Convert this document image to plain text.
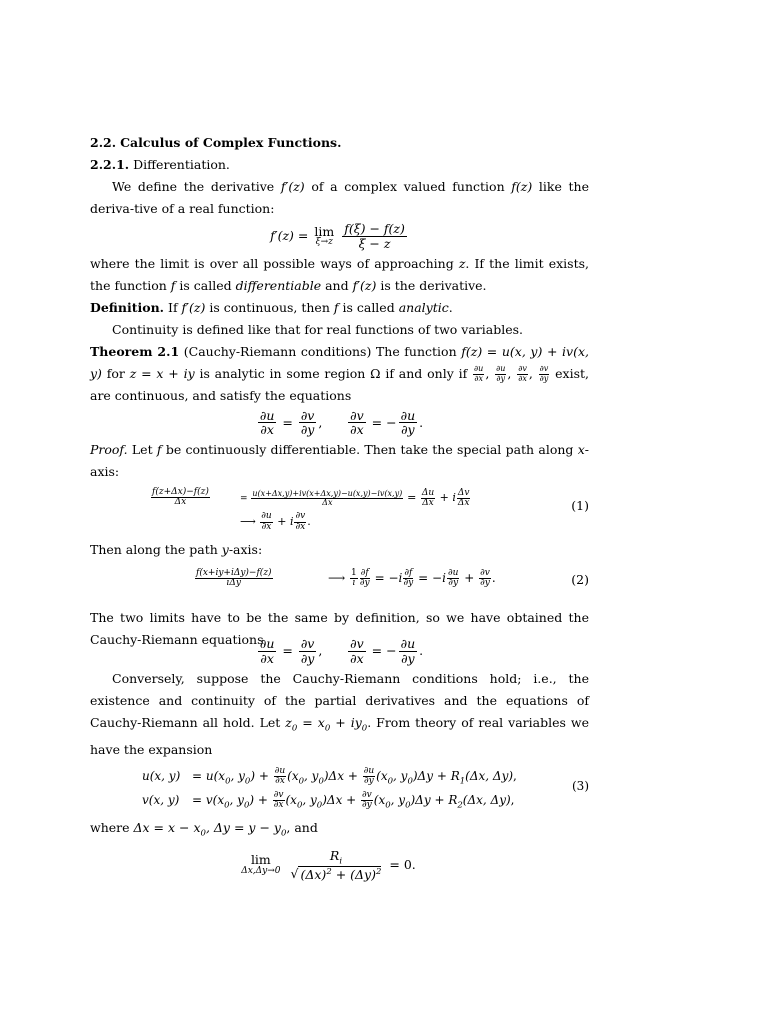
2.2. Calculus of Complex Functions.

2.2.1. Differentiation.

We define the derivative f′(z) of a complex valued function f(z) like the deriva-tive of a real function:

f′(z) = lim
ξ→z
$\frac{f(\xi) - f(z)}{\xi - z}$

where the limit is over all possible ways of approaching z. If the limit exists, the function f is called differentiable and f′(z) is the derivative.

Definition. If f′(z) is continuous, then f is called analytic.

Continuity is defined like that for real functions of two variables.

Theorem 2.1 (Cauchy-Riemann conditions) The function f(z) = u(x, y) + iv(x, y) for z = x + iy is analytic in some region Ω if and only if $\frac{\partial u}{\partial x}$ , $\frac{\partial u}{\partial y}$ , $\frac{\partial v}{\partial x}$ , $\frac{\partial v}{\partial y}$ exist, are continuous, and satisfy the equations

$\frac{\partial u}{\partial x} = \frac{\partial v}{\partial y}$ , $\frac{\partial v}{\partial x}$ = − $\frac{\partial u}{\partial y}$ .

Proof. Let f be continuously differentiable. Then take the special path along x-axis:

$\frac{f(z+\Delta x)-f(z)}{\Delta x}$	= $\frac{u(x+\Delta x,y)+iv(x+\Delta x,y)-u(x,y)-iv(x,y)}{\Delta x} = \frac{\Delta u}{\Delta x} + i \frac{\Delta v}{\Delta x}$
⟶ $\frac{\partial u}{\partial x} + i \frac{\partial v}{\partial x}$ .
(1)

Then along the path y-axis:

f(x+iy+iΔy)−f(z)
iΔy	⟶ $\frac{1}{i} \frac{\partial f}{\partial y} = -i \frac{\partial f}{\partial y} = -i \frac{\partial u}{\partial y} + \frac{\partial v}{\partial y}$ .	(2)

The two limits have to be the same by definition, so we have obtained the Cauchy-Riemann equations

$\frac{\partial u}{\partial x} = \frac{\partial v}{\partial y}$ , $\frac{\partial v}{\partial x}$ = − $\frac{\partial u}{\partial y}$ .

Conversely, suppose the Cauchy-Riemann conditions hold; i.e., the existence and continuity of the partial derivatives and the equations of Cauchy-Riemann all hold. Let $z_0 = x_0 + iy_0$. From theory of real variables we have the expansion

u(x, $y) = u(x_0$, $y_0) + \frac{\partial u}{\partial x} (x_0$, $y_0)\Delta x + \frac{\partial u}{\partial y} (x_0$, $y_0)\Delta y + R_1(\Delta x$, Δy),
v(x, $y) = v(x_0$, $y_0) + \frac{\partial v}{\partial x} (x_0$, $y_0)\Delta x + \frac{\partial v}{\partial y} (x_0$, $y_0)\Delta y + R_2(\Delta x$, Δy),
(3)

where $\Delta x = x - x_0$, $\Delta y = y - y_0$, and

lim
Δx,Δy→0
$\frac{R_i}{√ (\Delta x)^2 + (\Delta y)^2} = 0$.
